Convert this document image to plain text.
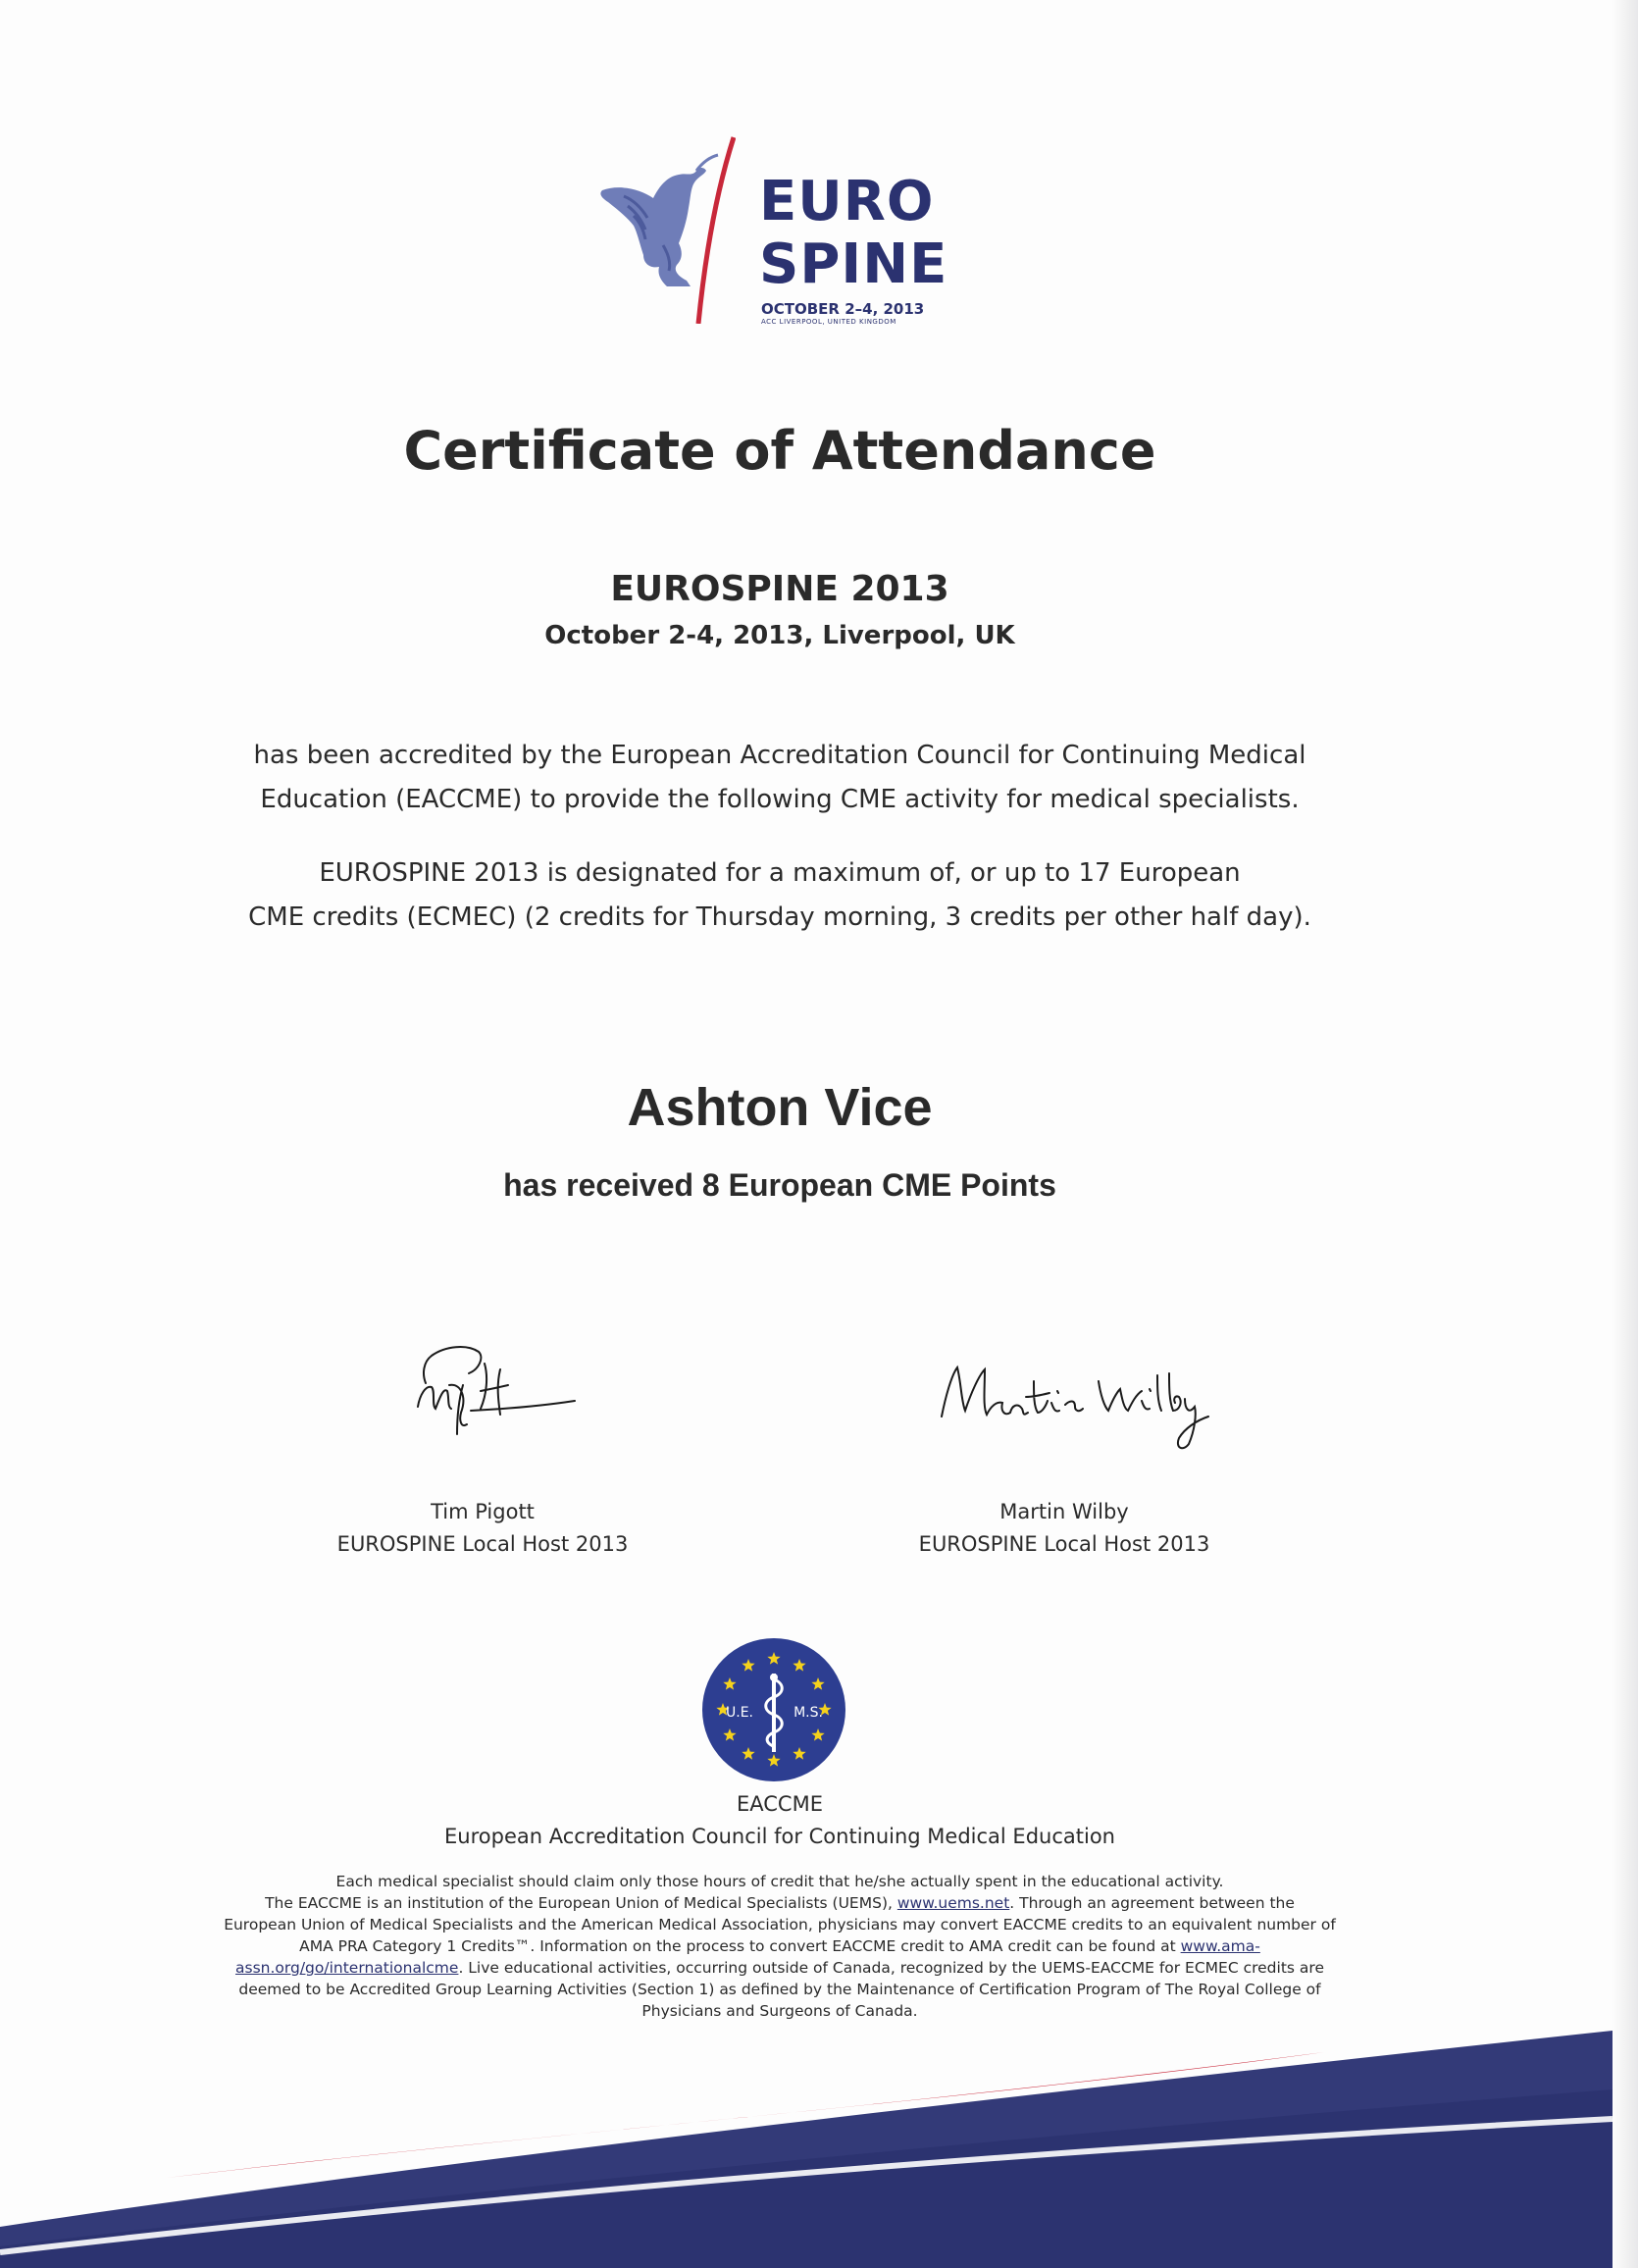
EURO
SPINE
OCTOBER 2–4, 2013
ACC LIVERPOOL, UNITED KINGDOM
Certificate of Attendance
EUROSPINE 2013
October 2-4, 2013, Liverpool, UK
has been accredited by the European Accreditation Council for Continuing Medical
Education (EACCME) to provide the following CME activity for medical specialists.
EUROSPINE 2013 is designated for a maximum of, or up to 17 European
CME credits (ECMEC) (2 credits for Thursday morning, 3 credits per other half day).
Ashton Vice
has received 8 European CME Points
Tim Pigott
EUROSPINE Local Host 2013
Martin Wilby
EUROSPINE Local Host 2013
U.E.	M.S.
EACCME
European Accreditation Council for Continuing Medical Education
Each medical specialist should claim only those hours of credit that he/she actually spent in the educational activity.
The EACCME is an institution of the European Union of Medical Specialists (UEMS), www.uems.net. Through an agreement between the
European Union of Medical Specialists and the American Medical Association, physicians may convert EACCME credits to an equivalent number of
AMA PRA Category 1 Credits™. Information on the process to convert EACCME credit to AMA credit can be found at www.ama-
assn.org/go/internationalcme. Live educational activities, occurring outside of Canada, recognized by the UEMS-EACCME for ECMEC credits are
deemed to be Accredited Group Learning Activities (Section 1) as defined by the Maintenance of Certification Program of The Royal College of
Physicians and Surgeons of Canada.
